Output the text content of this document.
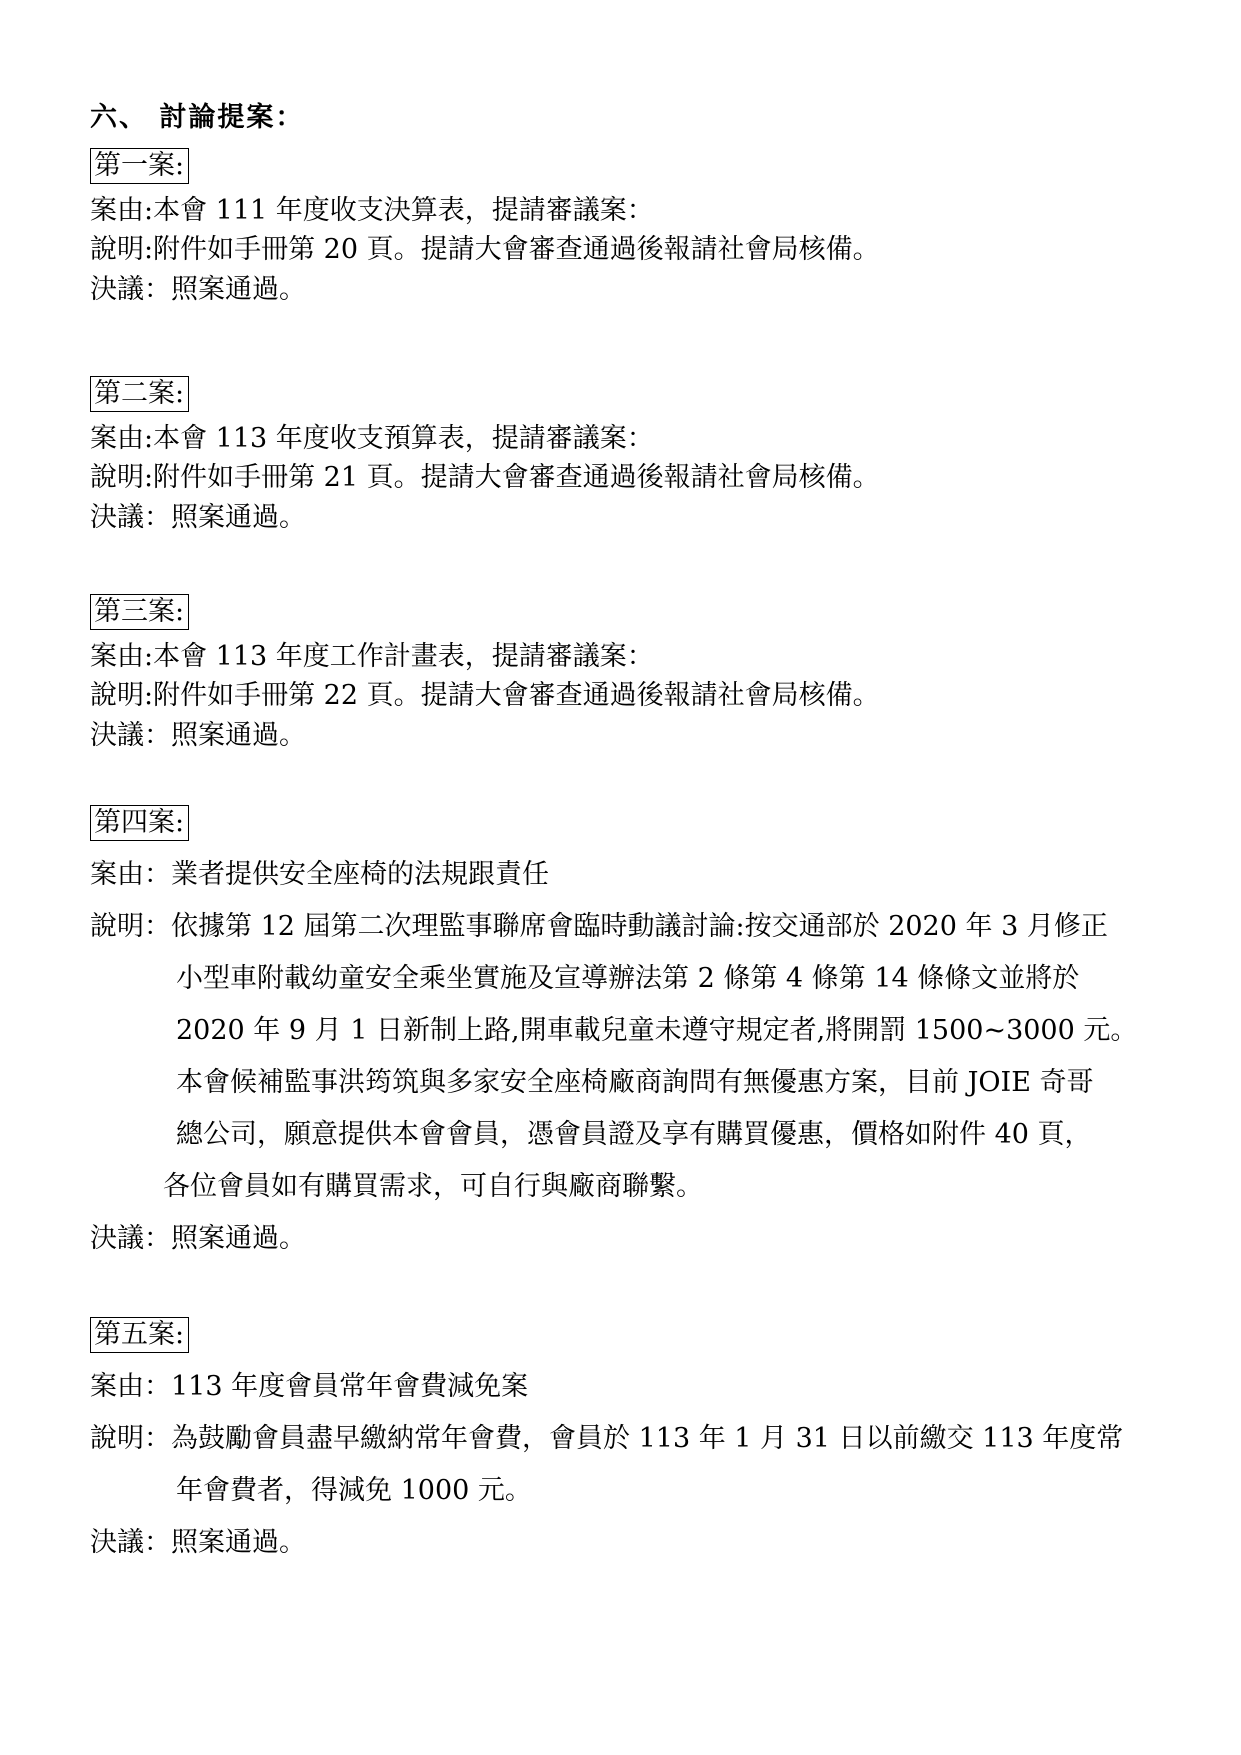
六、 討論提案：
第一案:
案由:本會 111 年度收支決算表，提請審議案：
說明:附件如手冊第 20 頁。提請大會審查通過後報請社會局核備。
決議：照案通過。
第二案:
案由:本會 113 年度收支預算表，提請審議案：
說明:附件如手冊第 21 頁。提請大會審查通過後報請社會局核備。
決議：照案通過。
第三案:
案由:本會 113 年度工作計畫表，提請審議案：
說明:附件如手冊第 22 頁。提請大會審查通過後報請社會局核備。
決議：照案通過。
第四案:
案由：業者提供安全座椅的法規跟責任
說明：依據第 12 屆第二次理監事聯席會臨時動議討論:按交通部於 2020 年 3 月修正
小型車附載幼童安全乘坐實施及宣導辦法第 2 條第 4 條第 14 條條文並將於
2020 年 9 月 1 日新制上路,開車載兒童未遵守規定者,將開罰 1500~3000 元。
本會候補監事洪筠筑與多家安全座椅廠商詢問有無優惠方案，目前 JOIE 奇哥
總公司，願意提供本會會員，憑會員證及享有購買優惠，價格如附件 40 頁，
各位會員如有購買需求，可自行與廠商聯繫。
決議：照案通過。
第五案:
案由：113 年度會員常年會費減免案
說明：為鼓勵會員盡早繳納常年會費，會員於 113 年 1 月 31 日以前繳交 113 年度常
年會費者，得減免 1000 元。
決議：照案通過。
